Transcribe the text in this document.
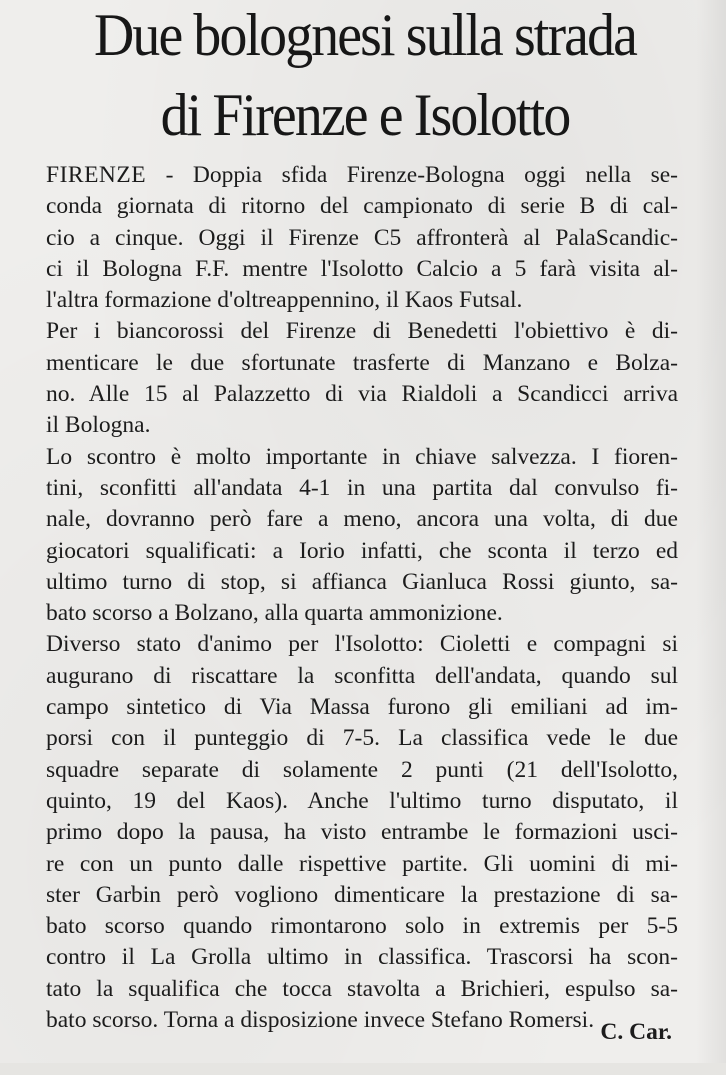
Due bolognesi sulla strada
di Firenze e Isolotto
FIRENZE - Doppia sfida Firenze-Bologna oggi nella se-
conda giornata di ritorno del campionato di serie B di cal-
cio a cinque. Oggi il Firenze C5 affronterà al PalaScandic-
ci il Bologna F.F. mentre l'Isolotto Calcio a 5 farà visita al-
l'altra formazione d'oltreappennino, il Kaos Futsal.
Per i biancorossi del Firenze di Benedetti l'obiettivo è di-
menticare le due sfortunate trasferte di Manzano e Bolza-
no. Alle 15 al Palazzetto di via Rialdoli a Scandicci arriva
il Bologna.
Lo scontro è molto importante in chiave salvezza. I fioren-
tini, sconfitti all'andata 4-1 in una partita dal convulso fi-
nale, dovranno però fare a meno, ancora una volta, di due
giocatori squalificati: a Iorio infatti, che sconta il terzo ed
ultimo turno di stop, si affianca Gianluca Rossi giunto, sa-
bato scorso a Bolzano, alla quarta ammonizione.
Diverso stato d'animo per l'Isolotto: Cioletti e compagni si
augurano di riscattare la sconfitta dell'andata, quando sul
campo sintetico di Via Massa furono gli emiliani ad im-
porsi con il punteggio di 7-5. La classifica vede le due
squadre separate di solamente 2 punti (21 dell'Isolotto,
quinto, 19 del Kaos). Anche l'ultimo turno disputato, il
primo dopo la pausa, ha visto entrambe le formazioni usci-
re con un punto dalle rispettive partite. Gli uomini di mi-
ster Garbin però vogliono dimenticare la prestazione di sa-
bato scorso quando rimontarono solo in extremis per 5-5
contro il La Grolla ultimo in classifica. Trascorsi ha scon-
tato la squalifica che tocca stavolta a Brichieri, espulso sa-
bato scorso. Torna a disposizione invece Stefano Romersi. C. Car.
